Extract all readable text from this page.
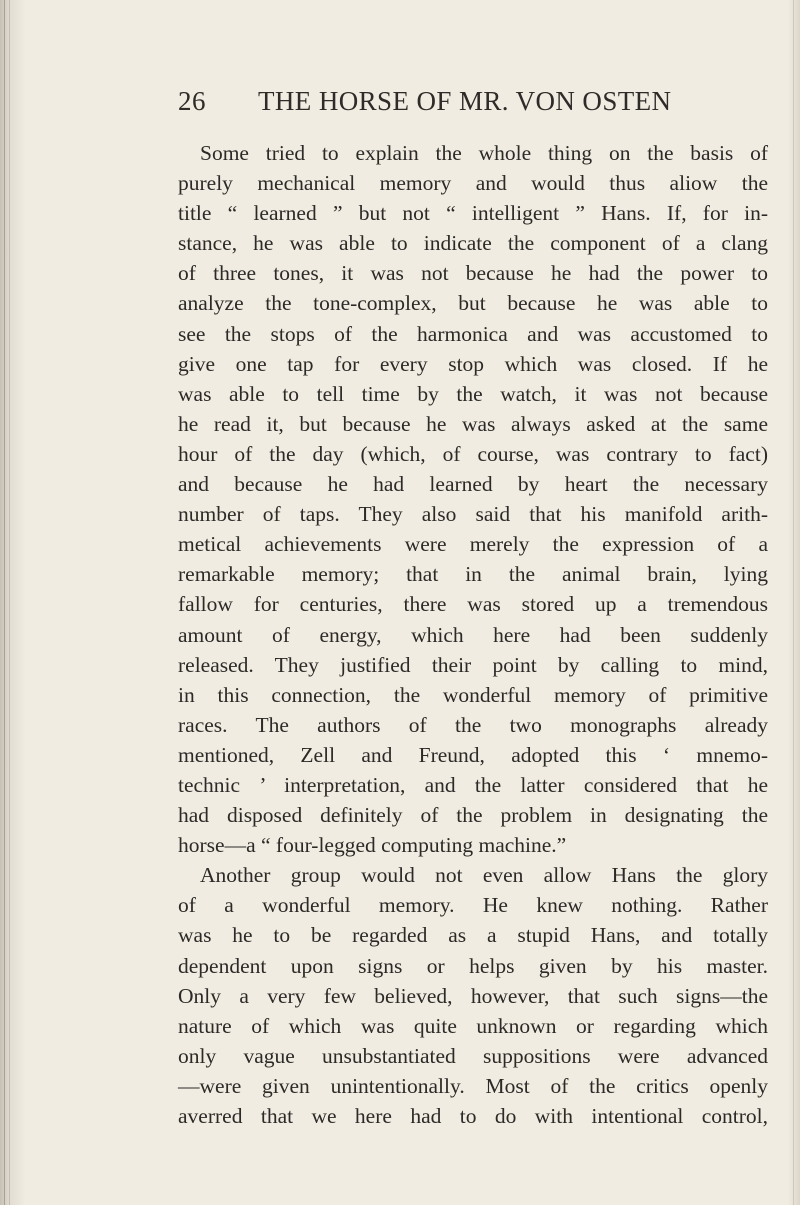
26	THE HORSE OF MR. VON OSTEN
Some tried to explain the whole thing on the basis of
purely mechanical memory and would thus aliow the
title “ learned ” but not “ intelligent ” Hans. If, for in-
stance, he was able to indicate the component of a clang
of three tones, it was not because he had the power to
analyze the tone-complex, but because he was able to
see the stops of the harmonica and was accustomed to
give one tap for every stop which was closed. If he
was able to tell time by the watch, it was not because
he read it, but because he was always asked at the same
hour of the day (which, of course, was contrary to fact)
and because he had learned by heart the necessary
number of taps. They also said that his manifold arith-
metical achievements were merely the expression of a
remarkable memory; that in the animal brain, lying
fallow for centuries, there was stored up a tremendous
amount of energy, which here had been suddenly
released. They justified their point by calling to mind,
in this connection, the wonderful memory of primitive
races. The authors of the two monographs already
mentioned, Zell and Freund, adopted this ‘ mnemo-
technic ’ interpretation, and the latter considered that he
had disposed definitely of the problem in designating the
horse—a “ four-legged computing machine.”
Another group would not even allow Hans the glory
of a wonderful memory. He knew nothing. Rather
was he to be regarded as a stupid Hans, and totally
dependent upon signs or helps given by his master.
Only a very few believed, however, that such signs—the
nature of which was quite unknown or regarding which
only vague unsubstantiated suppositions were advanced
—were given unintentionally. Most of the critics openly
averred that we here had to do with intentional control,
